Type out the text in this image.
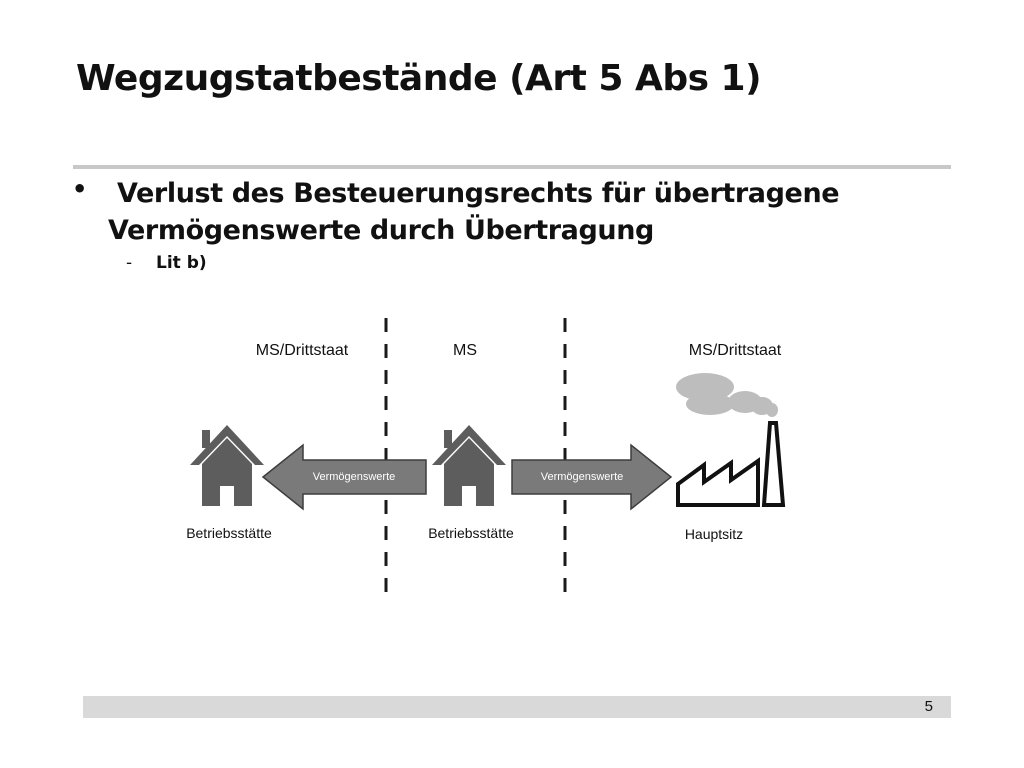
Wegzugstatbestände (Art 5 Abs 1)
•	Verlust des Besteuerungsrechts für übertragene
Vermögenswerte durch Übertragung
- Lit b)
MS/Drittstaat	MS	MS/Drittstaat
Vermögenswerte	Vermögenswerte
Betriebsstätte	Betriebsstätte	Hauptsitz
5
